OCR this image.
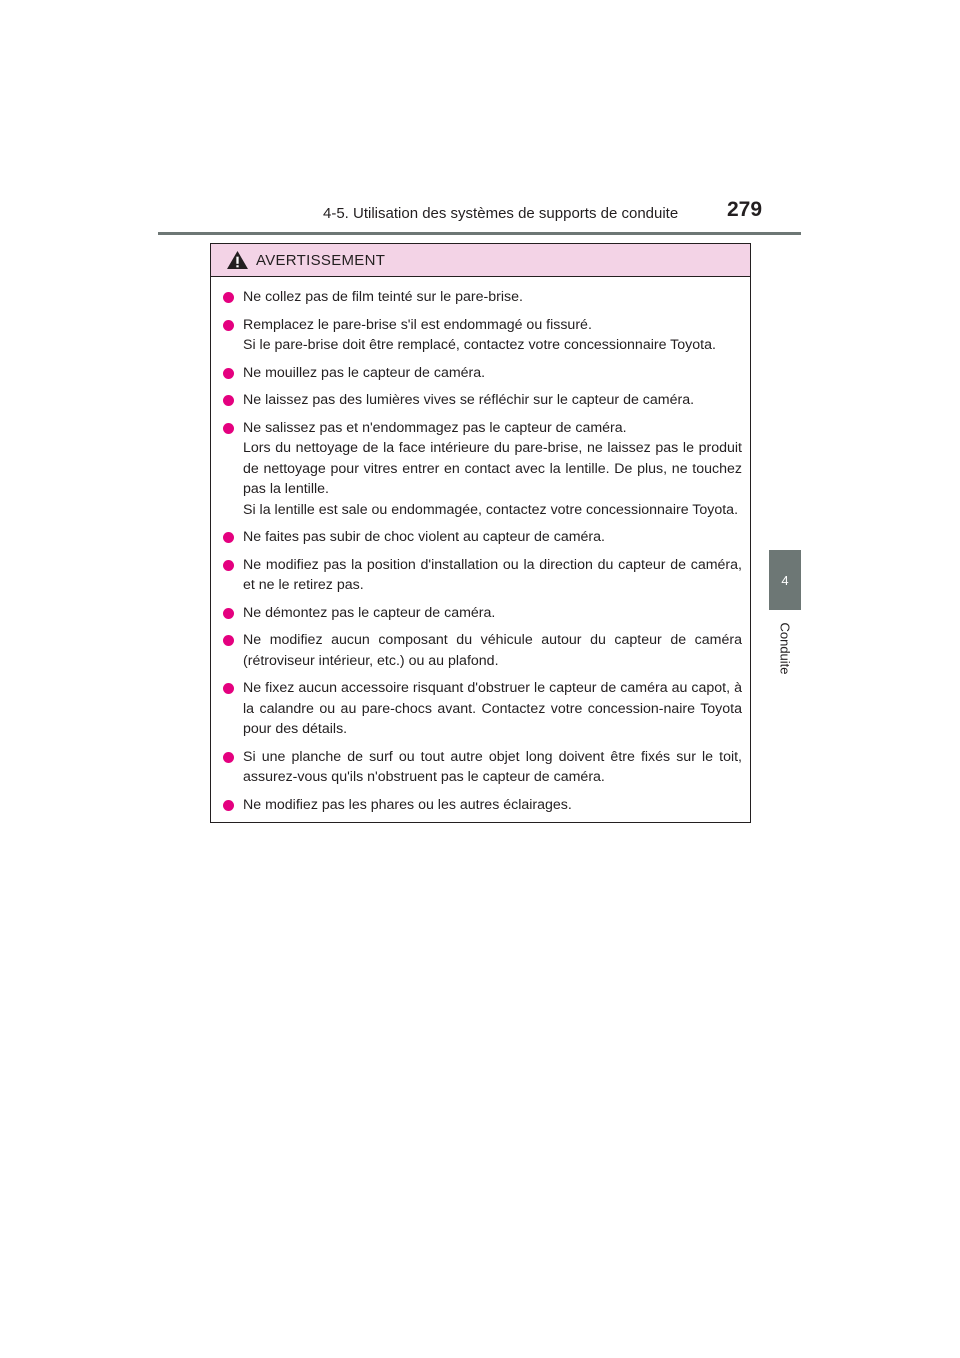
4-5. Utilisation des systèmes de supports de conduite 279
4
Conduite
AVERTISSEMENT
Ne collez pas de film teinté sur le pare-brise.
Remplacez le pare-brise s'il est endommagé ou fissuré.
Si le pare-brise doit être remplacé, contactez votre concessionnaire Toyota.
Ne mouillez pas le capteur de caméra.
Ne laissez pas des lumières vives se réfléchir sur le capteur de caméra.
Ne salissez pas et n'endommagez pas le capteur de caméra.
Lors du nettoyage de la face intérieure du pare-brise, ne laissez pas le produit de nettoyage pour vitres entrer en contact avec la lentille. De plus, ne touchez pas la lentille.
Si la lentille est sale ou endommagée, contactez votre concessionnaire Toyota.
Ne faites pas subir de choc violent au capteur de caméra.
Ne modifiez pas la position d'installation ou la direction du capteur de caméra, et ne le retirez pas.
Ne démontez pas le capteur de caméra.
Ne modifiez aucun composant du véhicule autour du capteur de caméra (rétroviseur intérieur, etc.) ou au plafond.
Ne fixez aucun accessoire risquant d'obstruer le capteur de caméra au capot, à la calandre ou au pare-chocs avant. Contactez votre concession-naire Toyota pour des détails.
Si une planche de surf ou tout autre objet long doivent être fixés sur le toit, assurez-vous qu'ils n'obstruent pas le capteur de caméra.
Ne modifiez pas les phares ou les autres éclairages.
